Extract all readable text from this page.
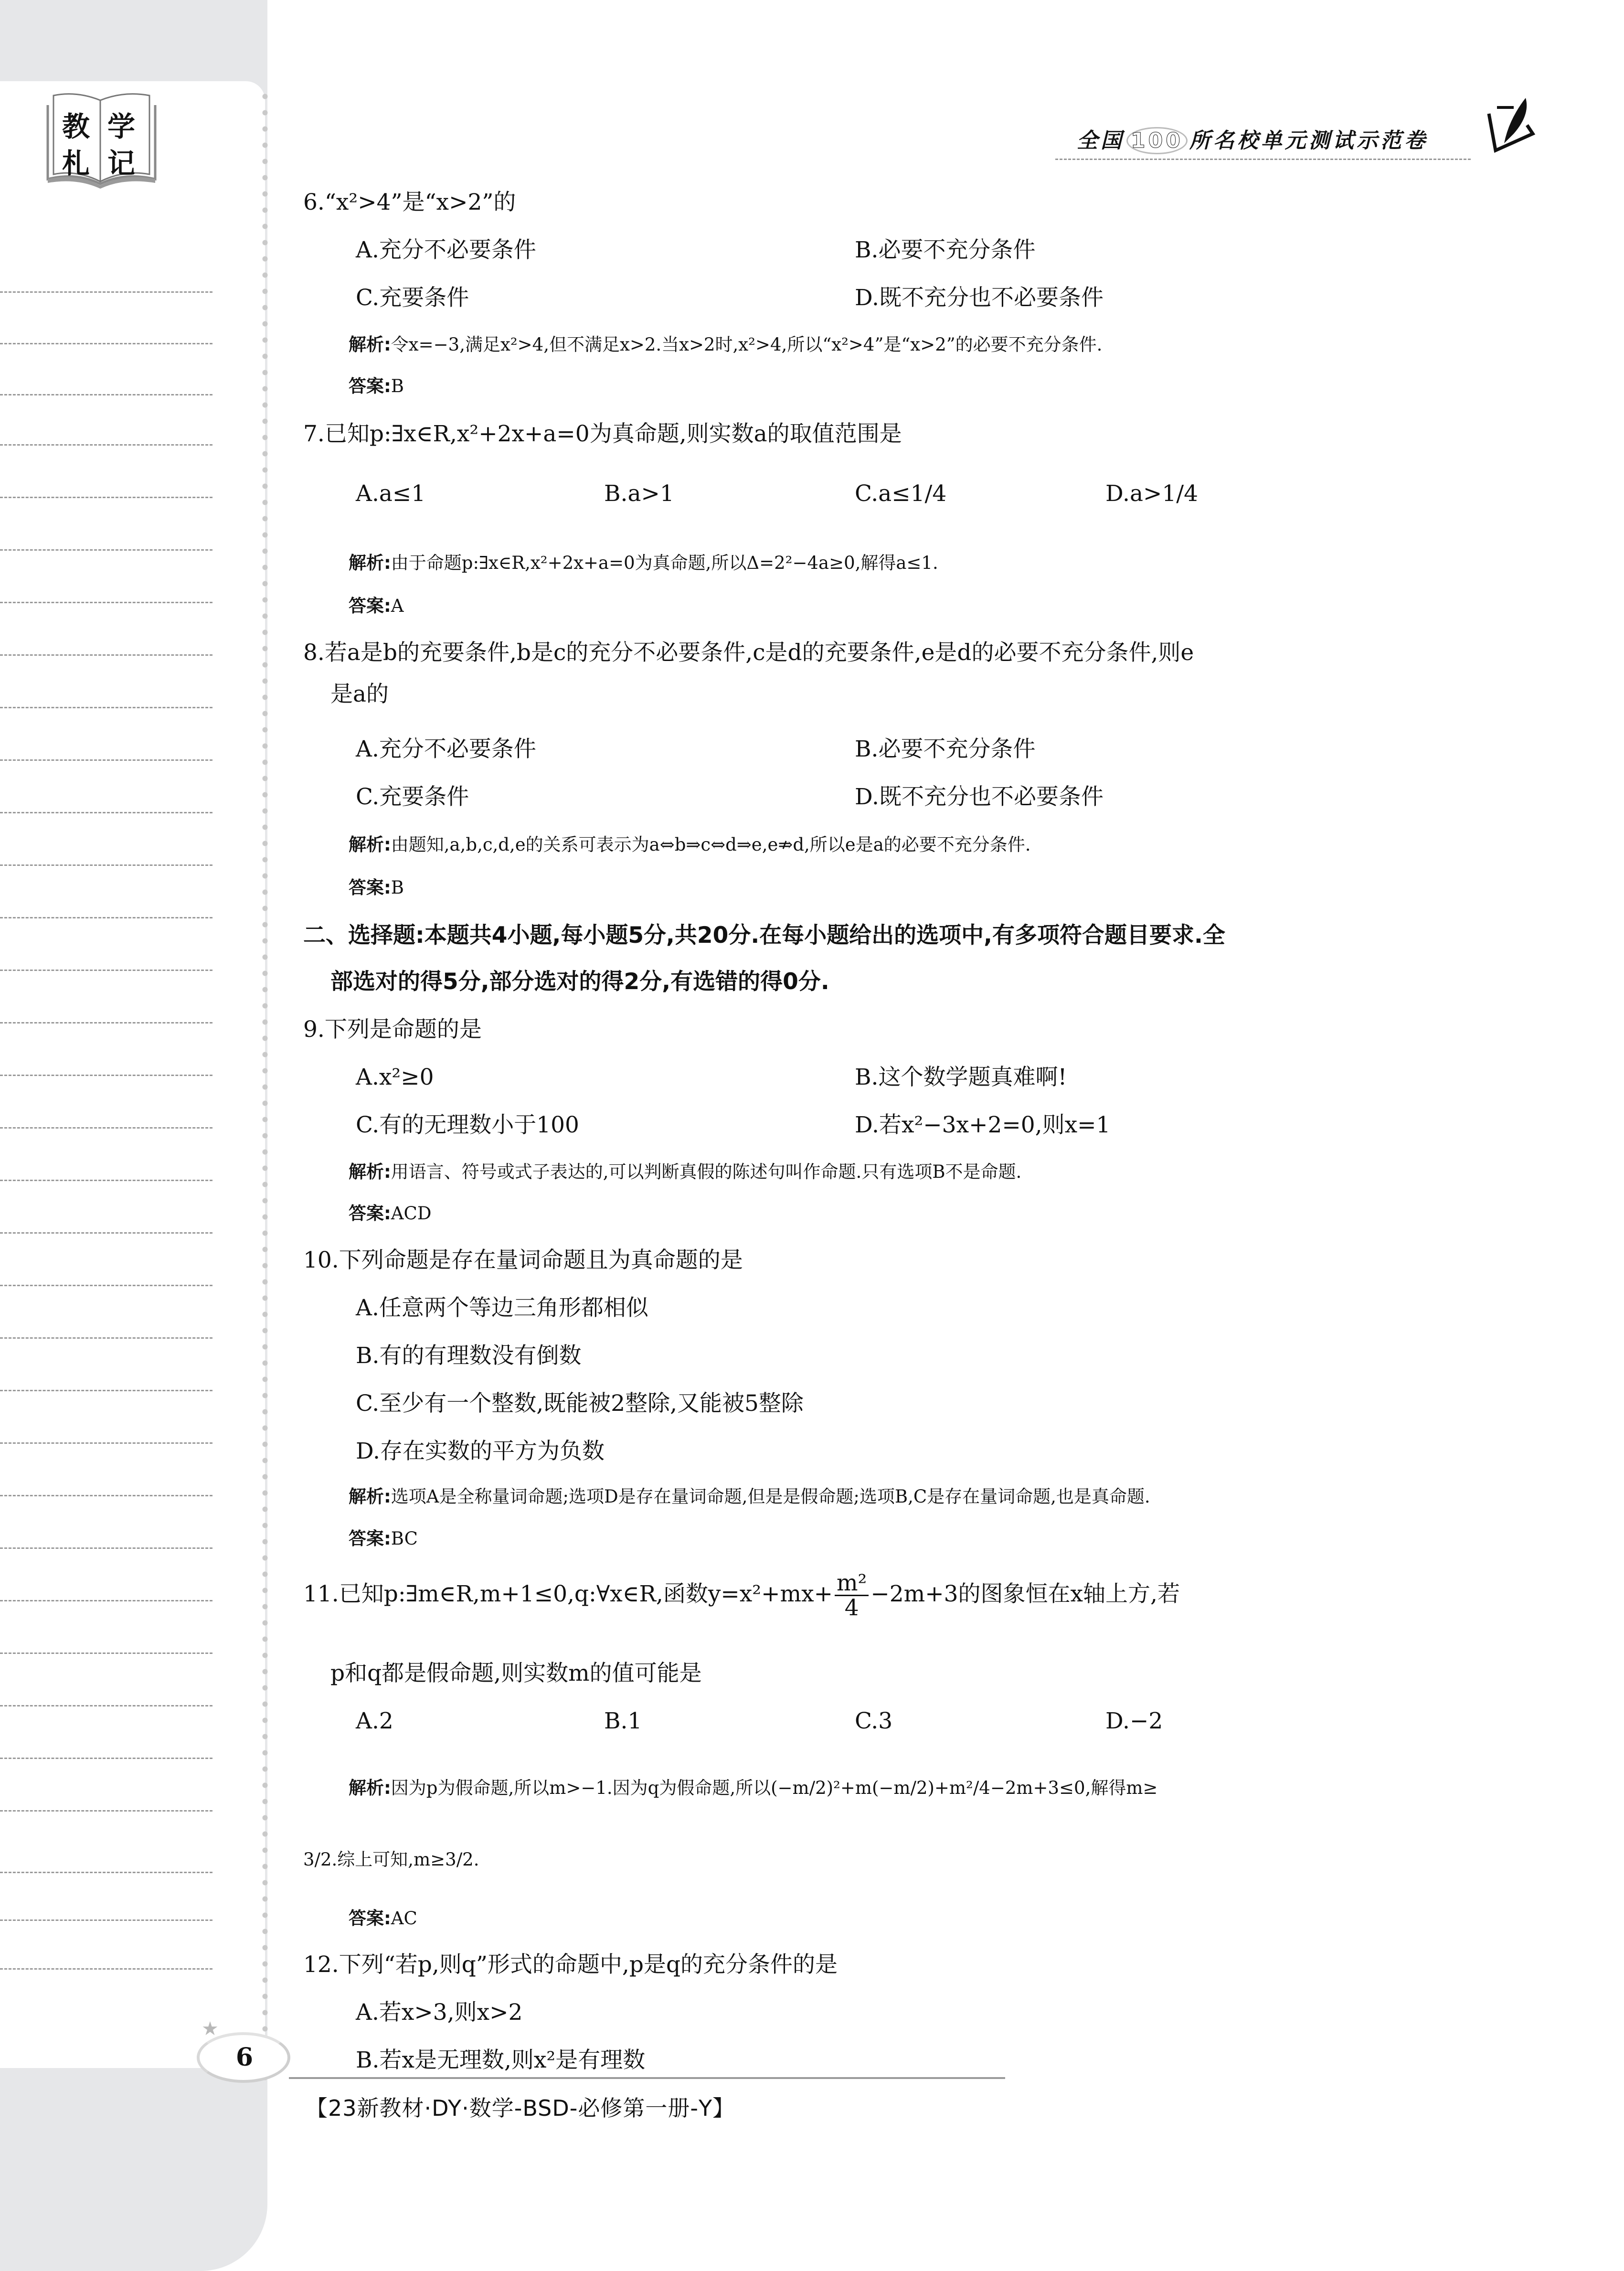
教 学
札 记
★
6
全国 100 所名校单元测试示范卷
6.“x²>4”是“x>2”的
A.充分不必要条件	B.必要不充分条件
C.充要条件	D.既不充分也不必要条件
解析:令x=−3,满足x²>4,但不满足x>2.当x>2时,x²>4,所以“x²>4”是“x>2”的必要不充分条件.
答案:B
7.已知p:∃x∈R,x²+2x+a=0为真命题,则实数a的取值范围是
A.a≤1	B.a>1	C.a≤1/4	D.a>1/4
解析:由于命题p:∃x∈R,x²+2x+a=0为真命题,所以Δ=2²−4a≥0,解得a≤1.
答案:A
8.若a是b的充要条件,b是c的充分不必要条件,c是d的充要条件,e是d的必要不充分条件,则e
是a的
A.充分不必要条件	B.必要不充分条件
C.充要条件	D.既不充分也不必要条件
解析:由题知,a,b,c,d,e的关系可表示为a⇔b⇒c⇔d⇒e,e⇏d,所以e是a的必要不充分条件.
答案:B
二、选择题:本题共4小题,每小题5分,共20分.在每小题给出的选项中,有多项符合题目要求.全
部选对的得5分,部分选对的得2分,有选错的得0分.
9.下列是命题的是
A.x²≥0	B.这个数学题真难啊!
C.有的无理数小于100	D.若x²−3x+2=0,则x=1
解析:用语言、符号或式子表达的,可以判断真假的陈述句叫作命题.只有选项B不是命题.
答案:ACD
10.下列命题是存在量词命题且为真命题的是
A.任意两个等边三角形都相似
B.有的有理数没有倒数
C.至少有一个整数,既能被2整除,又能被5整除
D.存在实数的平方为负数
解析:选项A是全称量词命题;选项D是存在量词命题,但是是假命题;选项B,C是存在量词命题,也是真命题.
答案:BC
11.已知p:∃m∈R,m+1≤0,q:∀x∈R,函数$y=x^2+mx+ \frac{\text{m²}}{4} -2m+3$的图象恒在x轴上方,若
p和q都是假命题,则实数m的值可能是
A.2	B.1	C.3	D.−2
解析:因为p为假命题,所以m>−1.因为q为假命题,所以(−m/2)²+m(−m/2)+m²/4−2m+3≤0,解得m≥
3/2.综上可知,m≥3/2.
答案:AC
12.下列“若p,则q”形式的命题中,p是q的充分条件的是
A.若x>3,则x>2
B.若x是无理数,则x²是有理数
【23新教材·DY·数学-BSD-必修第一册-Y】
